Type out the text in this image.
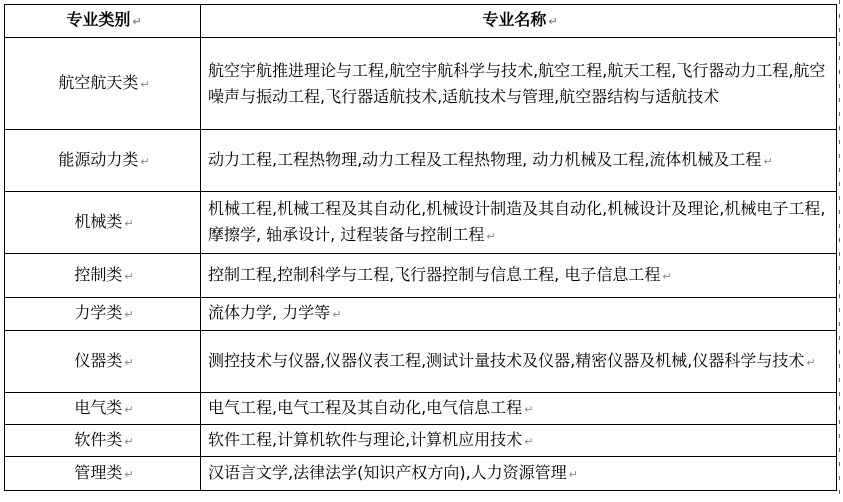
专业类别 ↵	专业名称 ↵
航空航天类 ↵	航空宇航推进理论与工程,航空宇航科学与技术,航空工程,航天工程,飞行器动力工程,航空噪声与振动工程,飞行器适航技术,适航技术与管理,航空器结构与适航技术
能源动力类 ↵	动力工程,工程热物理,动力工程及工程热物理, 动力机械及工程,流体机械及工程 ↵
机械类 ↵	机械工程,机械工程及其自动化,机械设计制造及其自动化,机械设计及理论,机械电子工程,摩擦学, 轴承设计, 过程装备与控制工程 ↵
控制类 ↵	控制工程,控制科学与工程,飞行器控制与信息工程, 电子信息工程 ↵
力学类 ↵	流体力学, 力学等 ↵
仪器类 ↵	测控技术与仪器,仪器仪表工程,测试计量技术及仪器,精密仪器及机械,仪器科学与技术 ↵
电气类 ↵	电气工程,电气工程及其自动化,电气信息工程 ↵
软件类 ↵	软件工程,计算机软件与理论,计算机应用技术 ↵
管理类 ↵	汉语言文学,法律法学(知识产权方向),人力资源管理 ↵
